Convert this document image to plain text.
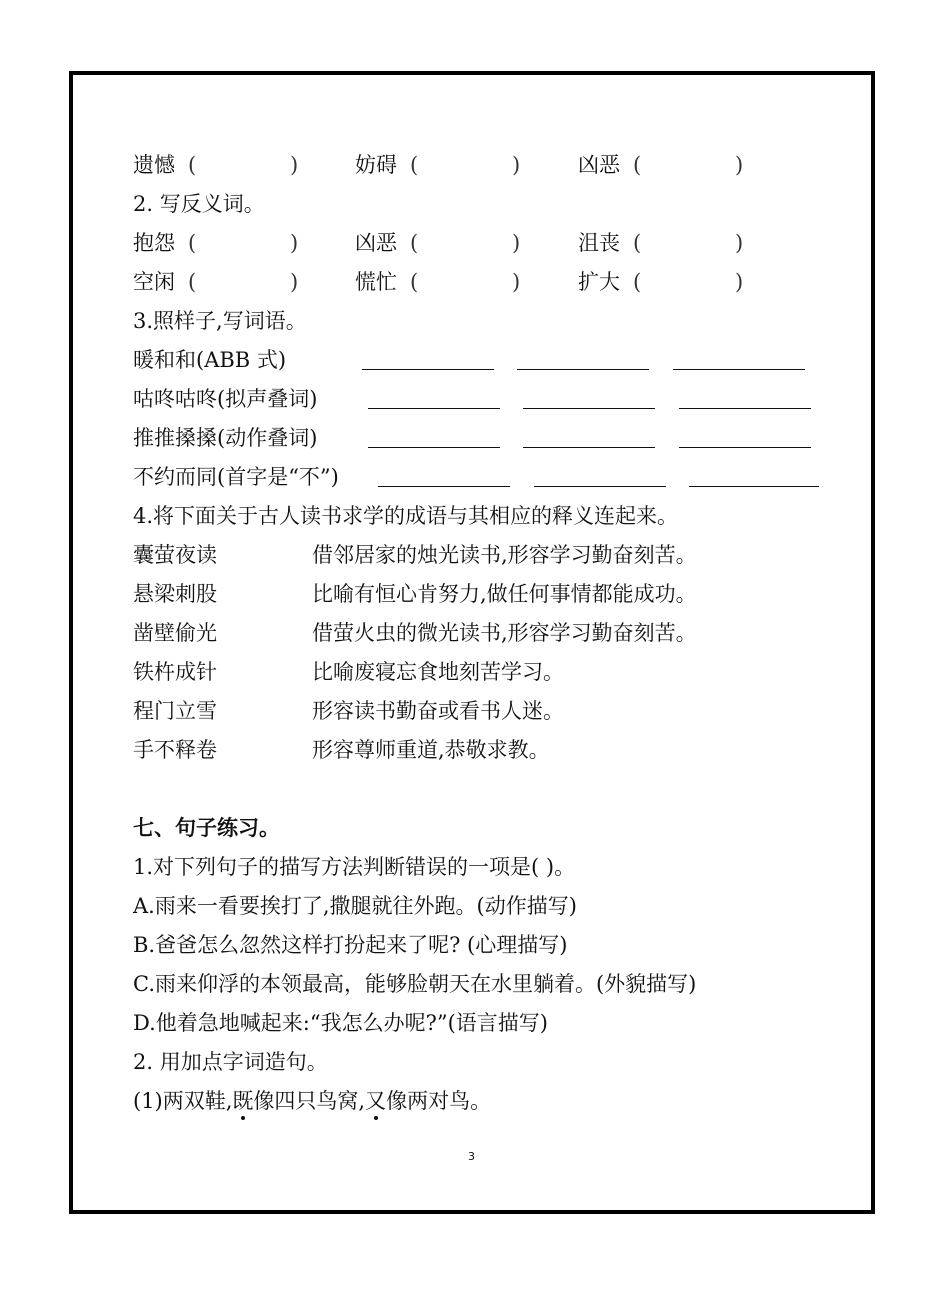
遗憾 (	)	妨碍 (	)	凶恶 (	)
2. 写反义词。
抱怨 (	)	凶恶 (	)	沮丧 (	)
空闲 (	)	慌忙 (	)	扩大 (	)
3.照样子,写词语。
暖和和(ABB 式)
咕咚咕咚(拟声叠词)
推推搡搡(动作叠词)
不约而同(首字是“不”)
4.将下面关于古人读书求学的成语与其相应的释义连起来。
囊萤夜读	借邻居家的烛光读书,形容学习勤奋刻苦。
悬梁刺股	比喻有恒心肯努力,做任何事情都能成功。
凿壁偷光	借萤火虫的微光读书,形容学习勤奋刻苦。
铁杵成针	比喻废寝忘食地刻苦学习。
程门立雪	形容读书勤奋或看书人迷。
手不释卷	形容尊师重道,恭敬求教。
七、句子练习。
1.对下列句子的描写方法判断错误的一项是( )。
A.雨来一看要挨打了,撒腿就往外跑。(动作描写)
B.爸爸怎么忽然这样打扮起来了呢? (心理描写)
C.雨来仰浮的本领最高，能够脸朝天在水里躺着。(外貌描写)
D.他着急地喊起来:“我怎么办呢?”(语言描写)
2. 用加点字词造句。
(1)两双鞋,既像四只鸟窝,又像两对鸟。
3
